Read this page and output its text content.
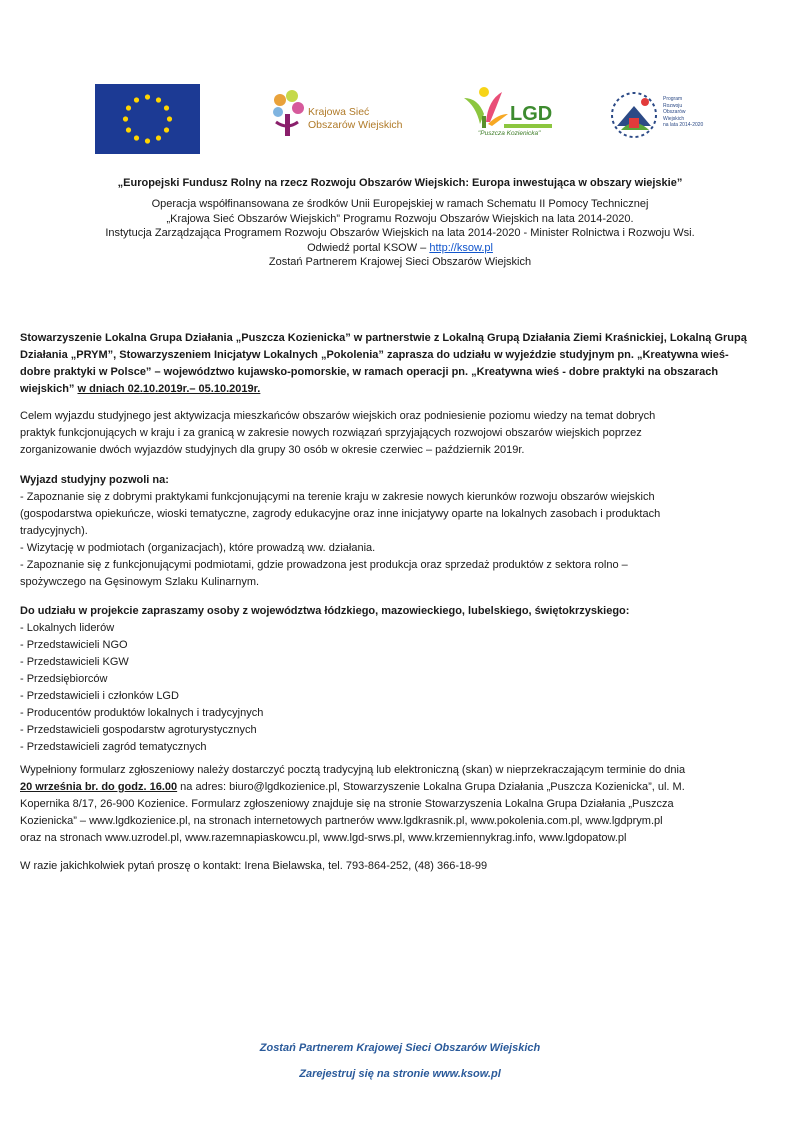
Krajowa Sieć
Obszarów Wiejskich	LGD
"Puszcza Kozienicka"
Program
Rozwoju
Obszarów
Wiejskich
na lata 2014-2020
„Europejski Fundusz Rolny na rzecz Rozwoju Obszarów Wiejskich: Europa inwestująca w obszary wiejskie”
Operacja współfinansowana ze środków Unii Europejskiej w ramach Schematu II Pomocy Technicznej
„Krajowa Sieć Obszarów Wiejskich” Programu Rozwoju Obszarów Wiejskich na lata 2014-2020.
Instytucja Zarządzająca Programem Rozwoju Obszarów Wiejskich na lata 2014-2020 - Minister Rolnictwa i Rozwoju Wsi.
Odwiedź portal KSOW – http://ksow.pl
Zostań Partnerem Krajowej Sieci Obszarów Wiejskich
Stowarzyszenie Lokalna Grupa Działania „Puszcza Kozienicka” w partnerstwie z Lokalną Grupą Działania Ziemi Kraśnickiej, Lokalną Grupą
Działania „PRYM”, Stowarzyszeniem Inicjatyw Lokalnych „Pokolenia” zaprasza do udziału w wyjeździe studyjnym pn. „Kreatywna wieś-
dobre praktyki w Polsce” – województwo kujawsko-pomorskie, w ramach operacji pn. „Kreatywna wieś - dobre praktyki na obszarach
wiejskich” w dniach 02.10.2019r.– 05.10.2019r.
Celem wyjazdu studyjnego jest aktywizacja mieszkańców obszarów wiejskich oraz podniesienie poziomu wiedzy na temat dobrych
praktyk funkcjonujących w kraju i za granicą w zakresie nowych rozwiązań sprzyjających rozwojowi obszarów wiejskich poprzez
zorganizowanie dwóch wyjazdów studyjnych dla grupy 30 osób w okresie czerwiec – październik 2019r.
Wyjazd studyjny pozwoli na:
- Zapoznanie się z dobrymi praktykami funkcjonującymi na terenie kraju w zakresie nowych kierunków rozwoju obszarów wiejskich
(gospodarstwa opiekuńcze, wioski tematyczne, zagrody edukacyjne oraz inne inicjatywy oparte na lokalnych zasobach i produktach
tradycyjnych).
- Wizytację w podmiotach (organizacjach), które prowadzą ww. działania.
- Zapoznanie się z funkcjonującymi podmiotami, gdzie prowadzona jest produkcja oraz sprzedaż produktów z sektora rolno –
spożywczego na Gęsinowym Szlaku Kulinarnym.
Do udziału w projekcie zapraszamy osoby z województwa łódzkiego, mazowieckiego, lubelskiego, świętokrzyskiego:
- Lokalnych liderów
- Przedstawicieli NGO
- Przedstawicieli KGW
- Przedsiębiorców
- Przedstawicieli i członków LGD
- Producentów produktów lokalnych i tradycyjnych
- Przedstawicieli gospodarstw agroturystycznych
- Przedstawicieli zagród tematycznych
Wypełniony formularz zgłoszeniowy należy dostarczyć pocztą tradycyjną lub elektroniczną (skan) w nieprzekraczającym terminie do dnia
20 września br. do godz. 16.00 na adres: biuro@lgdkozienice.pl, Stowarzyszenie Lokalna Grupa Działania „Puszcza Kozienicka”, ul. M.
Kopernika 8/17, 26-900 Kozienice. Formularz zgłoszeniowy znajduje się na stronie Stowarzyszenia Lokalna Grupa Działania „Puszcza
Kozienicka” – www.lgdkozienice.pl, na stronach internetowych partnerów www.lgdkrasnik.pl, www.pokolenia.com.pl, www.lgdprym.pl
oraz na stronach www.uzrodel.pl, www.razemnapiaskowcu.pl, www.lgd-srws.pl, www.krzemiennykrag.info, www.lgdopatow.pl
W razie jakichkolwiek pytań proszę o kontakt: Irena Bielawska, tel. 793-864-252, (48) 366-18-99
Zostań Partnerem Krajowej Sieci Obszarów Wiejskich
Zarejestruj się na stronie www.ksow.pl
